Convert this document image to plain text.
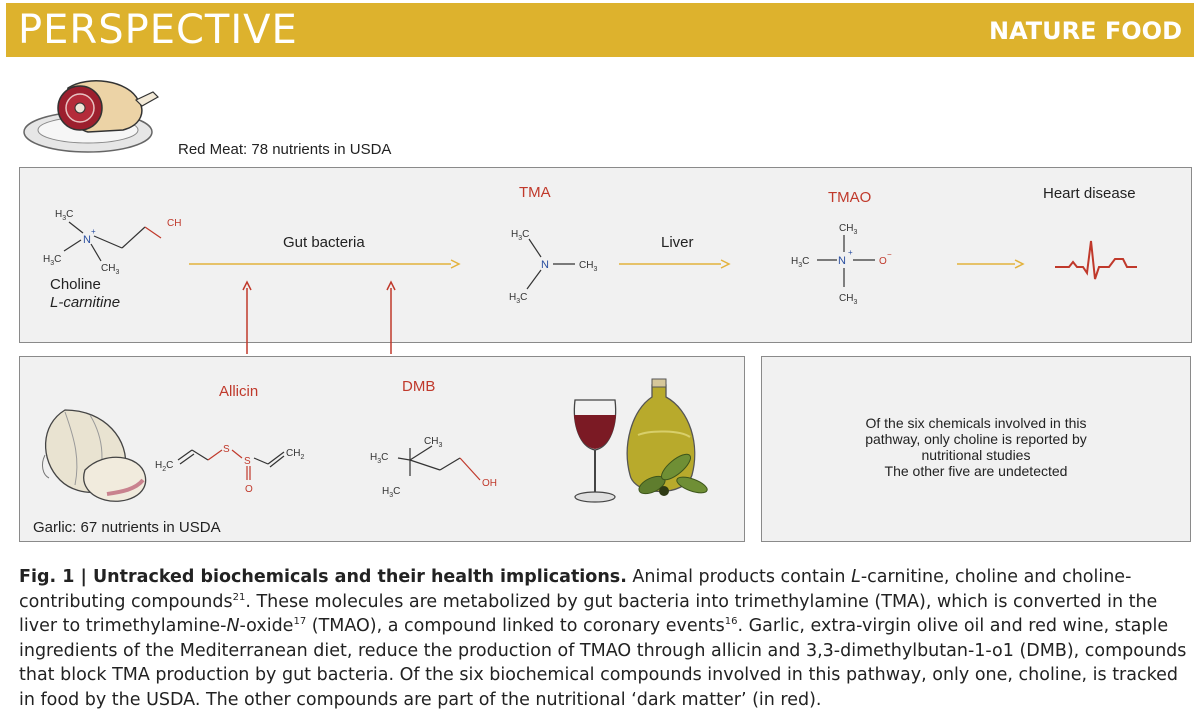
PERSPECTIVE	NATURE FOOD
Red Meat: 78 nutrients in USDA
$H_3C$
N
+
$H_3C$
$CH_3$
CH
$H_3C$
N	$CH_3$
$H_3C$
$H_3C$	N
+
O
−
$CH_3$
$CH_3$
Choline
L-carnitine
Gut bacteria
TMA
Liver
TMAO	Heart disease
$H_2C$
S
S
O
$CH_2$	$H_3C$
$CH_3$
$H_3C$
OH
Allicin	DMB
Garlic: 67 nutrients in USDA
Of the six chemicals involved in this
pathway, only choline is reported by
nutritional studies
The other five are undetected
Fig. 1 | Untracked biochemicals and their health implications. Animal products contain L-carnitine, choline and choline-contributing compounds$^{21}$. These molecules are metabolized by gut bacteria into trimethylamine (TMA), which is converted in the liver to trimethylamine-N-oxide$^{17}$ (TMAO), a compound linked to coronary events$^{16}$. Garlic, extra-virgin olive oil and red wine, staple ingredients of the Mediterranean diet, reduce the production of TMAO through allicin and 3,3-dimethylbutan-1-o1 (DMB), compounds that block TMA production by gut bacteria. Of the six biochemical compounds involved in this pathway, only one, choline, is tracked in food by the USDA. The other compounds are part of the nutritional ‘dark matter’ (in red).
